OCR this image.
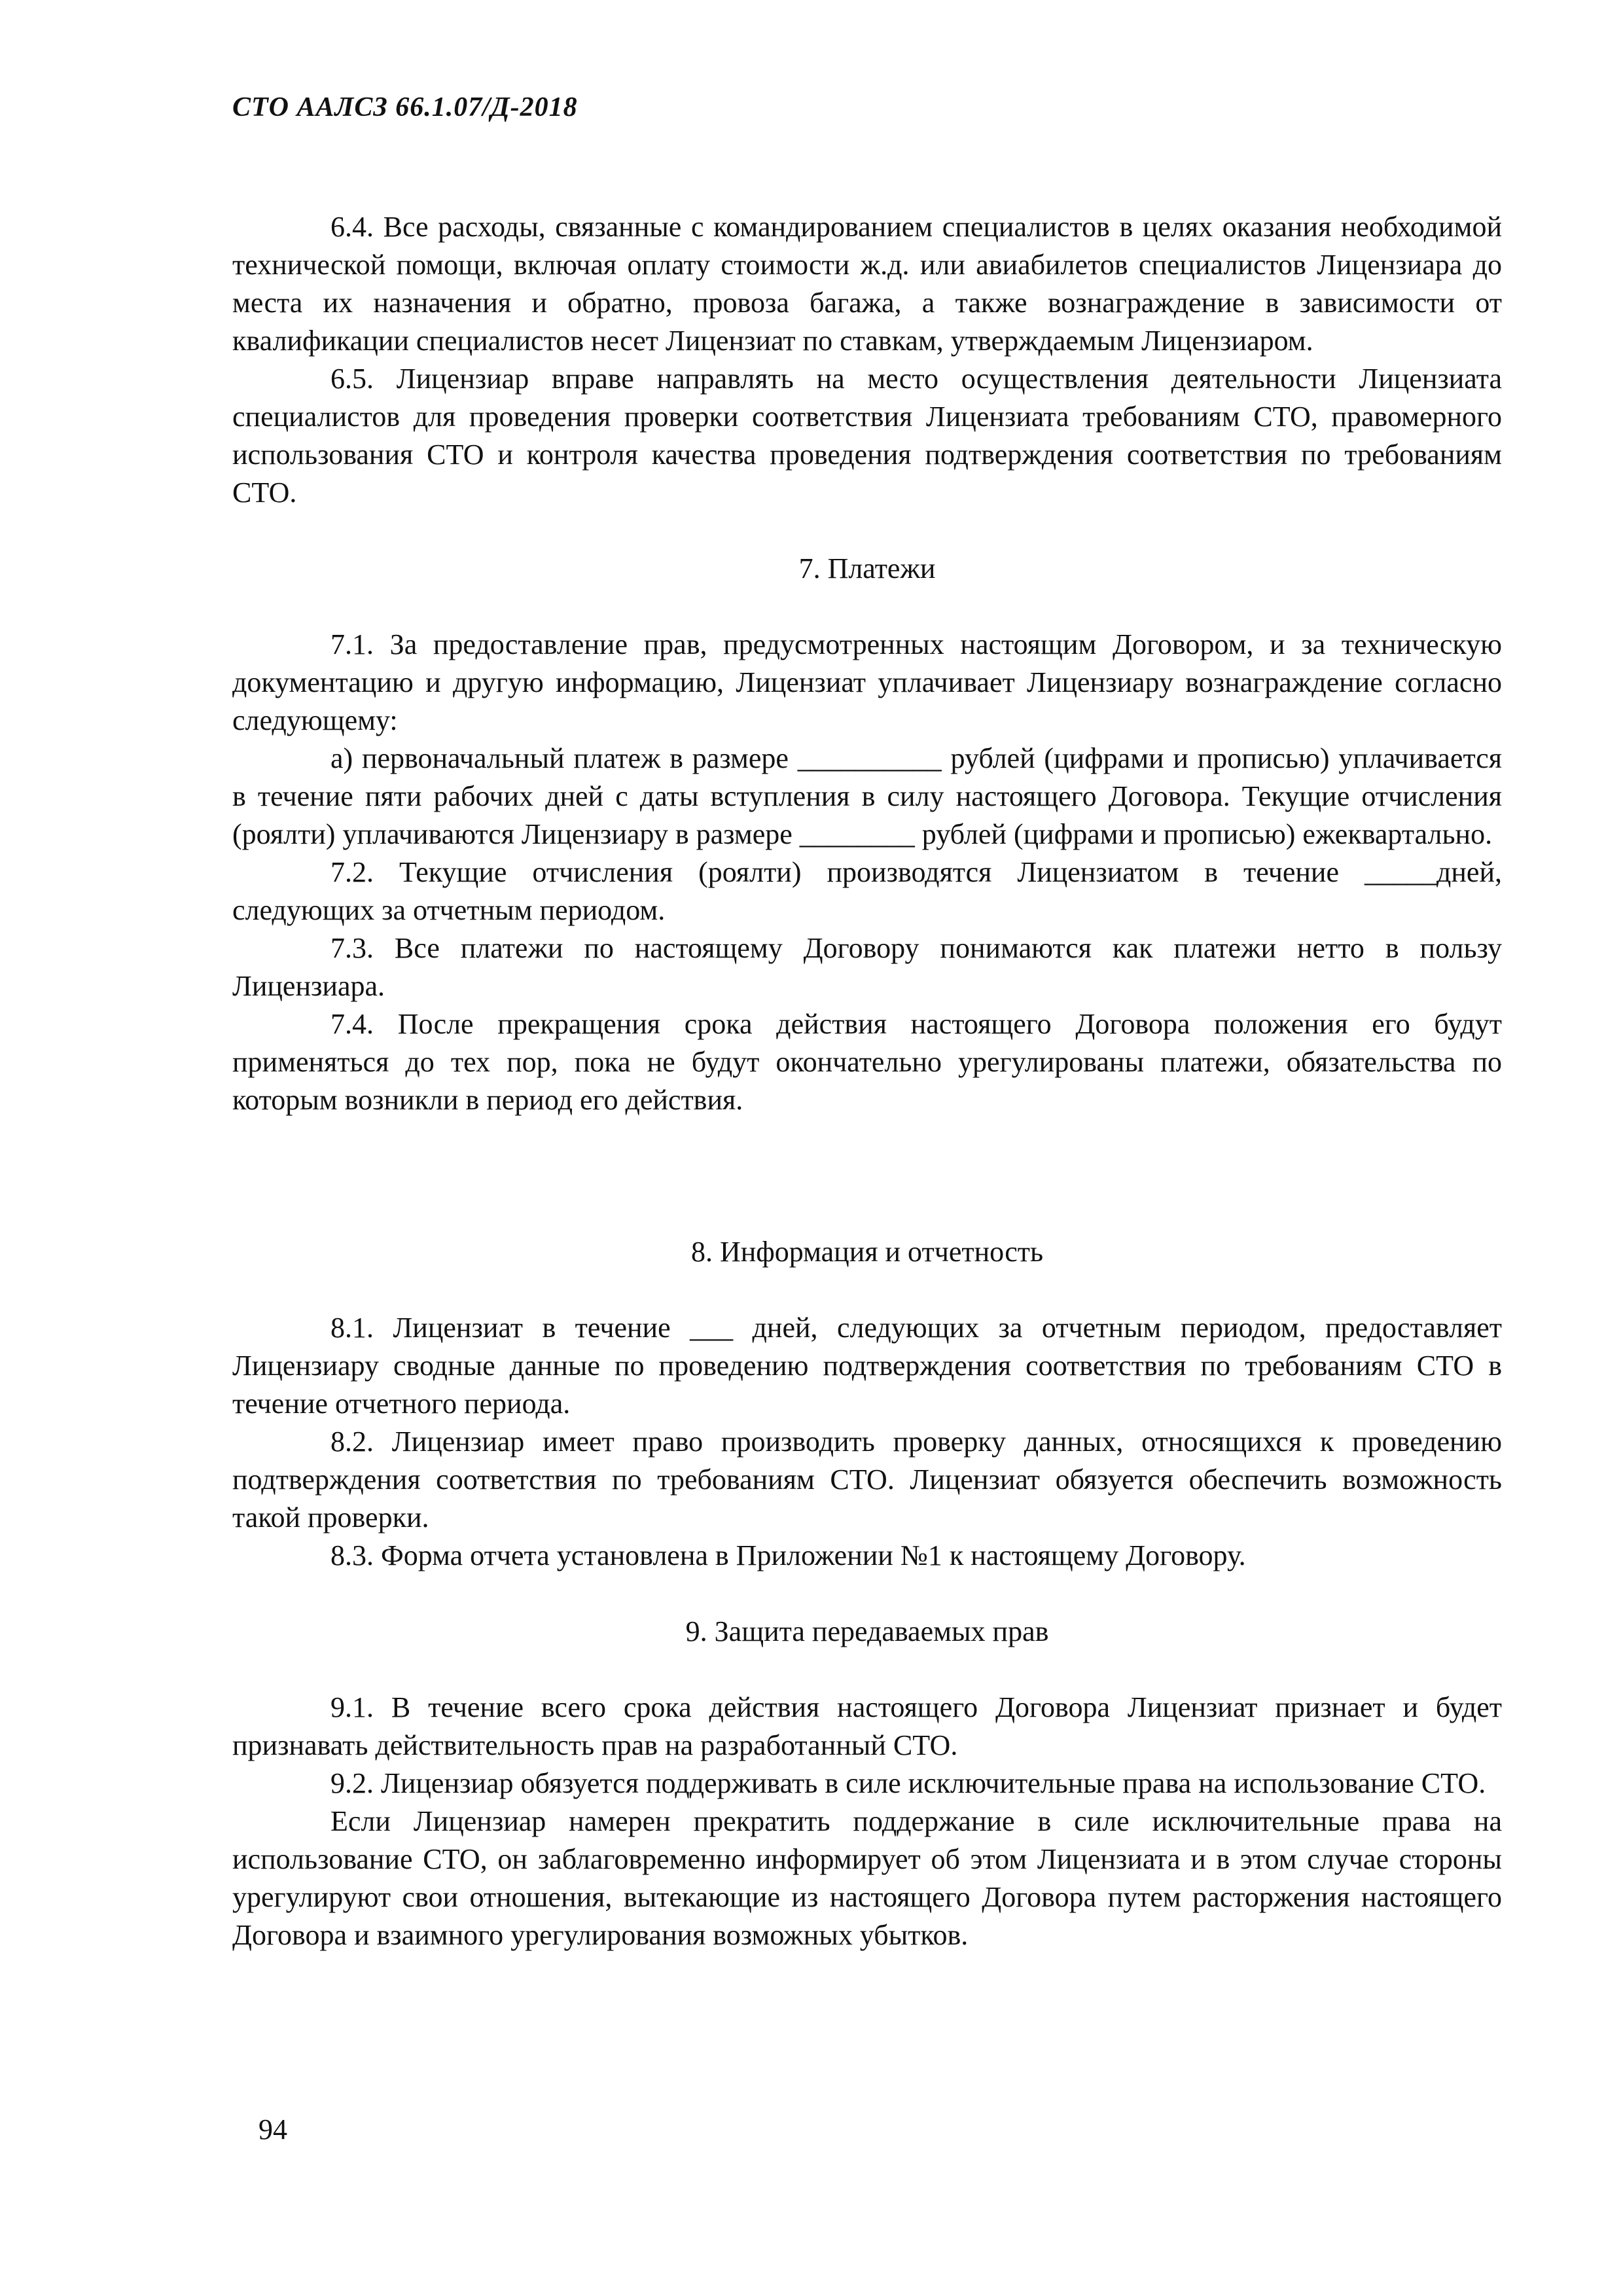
СТО ААЛСЗ 66.1.07/Д-2018

6.4. Все расходы, связанные с командированием специалистов в целях оказания необходимой технической помощи, включая оплату стоимости ж.д. или авиабилетов специалистов Лицензиара до места их назначения и обратно, провоза багажа, а также вознаграждение в зависимости от квалификации специалистов несет Лицензиат по ставкам, утверждаемым Лицензиаром.

6.5. Лицензиар вправе направлять на место осуществления деятельности Лицензиата специалистов для проведения проверки соответствия Лицензиата требованиям СТО, правомерного использования СТО и контроля качества проведения подтверждения соответствия по требованиям СТО.

7. Платежи

7.1. За предоставление прав, предусмотренных настоящим Договором, и за техническую документацию и другую информацию, Лицензиат уплачивает Лицензиару вознаграждение согласно следующему:

а) первоначальный платеж в размере __________ рублей (цифрами и прописью) уплачивается в течение пяти рабочих дней с даты вступления в силу настоящего Договора. Текущие отчисления (роялти) уплачиваются Лицензиару в размере ________ рублей (цифрами и прописью) ежеквартально.

7.2. Текущие отчисления (роялти) производятся Лицензиатом в течение _____дней, следующих за отчетным периодом.

7.3. Все платежи по настоящему Договору понимаются как платежи нетто в пользу Лицензиара.

7.4. После прекращения срока действия настоящего Договора положения его будут применяться до тех пор, пока не будут окончательно урегулированы платежи, обязательства по которым возникли в период его действия.

8. Информация и отчетность

8.1. Лицензиат в течение ___ дней, следующих за отчетным периодом, предоставляет Лицензиару сводные данные по проведению подтверждения соответствия по требованиям СТО в течение отчетного периода.

8.2. Лицензиар имеет право производить проверку данных, относящихся к проведению подтверждения соответствия по требованиям СТО. Лицензиат обязуется обеспечить возможность такой проверки.

8.3. Форма отчета установлена в Приложении №1 к настоящему Договору.

9. Защита передаваемых прав

9.1. В течение всего срока действия настоящего Договора Лицензиат признает и будет признавать действительность прав на разработанный СТО.

9.2. Лицензиар обязуется поддерживать в силе исключительные права на использование СТО.

Если Лицензиар намерен прекратить поддержание в силе исключительные права на использование СТО, он заблаговременно информирует об этом Лицензиата и в этом случае стороны урегулируют свои отношения, вытекающие из настоящего Договора путем расторжения настоящего Договора и взаимного урегулирования возможных убытков.

94
